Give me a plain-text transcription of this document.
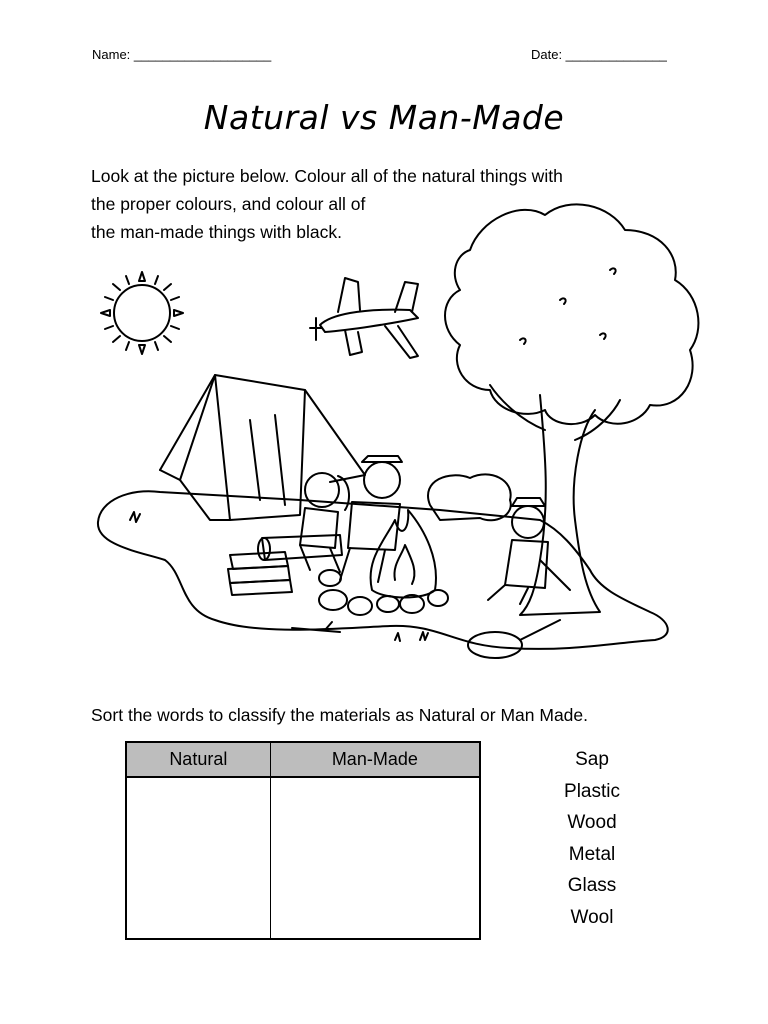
Name: ___________________	Date: ______________
Natural vs Man-Made
Look at the picture below. Colour all of the natural things with
the proper colours, and colour all of
the man-made things with black.
Sort the words to classify the materials as Natural or Man Made.
Natural	Man-Made
		Sap
Plastic
Wood
Metal
Glass
Wool
